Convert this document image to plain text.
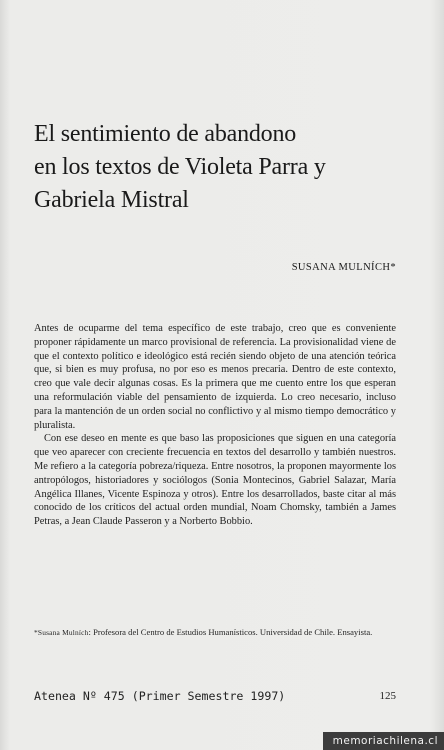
El sentimiento de abandono
en los textos de Violeta Parra y
Gabriela Mistral
SUSANA MULNÍCH*

Antes de ocuparme del tema específico de este trabajo, creo que es conveniente proponer rápidamente un marco provisional de referencia. La provisionalidad viene de que el contexto político e ideológico está recién siendo objeto de una atención teórica que, si bien es muy profusa, no por eso es menos precaria. Dentro de este contexto, creo que vale decir algunas cosas. Es la primera que me cuento entre los que esperan una reformulación viable del pensamiento de izquierda. Lo creo necesario, incluso para la mantención de un orden social no conflictivo y al mismo tiempo democrático y pluralista.

Con ese deseo en mente es que baso las proposiciones que siguen en una categoría que veo aparecer con creciente frecuencia en textos del desarrollo y también nuestros. Me refiero a la categoría pobreza/riqueza. Entre nosotros, la proponen mayormente los antropólogos, historiadores y sociólogos (Sonia Montecinos, Gabriel Salazar, María Angélica Illanes, Vicente Espinoza y otros). Entre los desarrollados, baste citar al más conocido de los críticos del actual orden mundial, Noam Chomsky, también a James Petras, a Jean Claude Passeron y a Norberto Bobbio.

*Susana Mulních: Profesora del Centro de Estudios Humanísticos. Universidad de Chile. Ensayista.
Atenea Nº 475 (Primer Semestre 1997)	125
memoriachilena.cl
